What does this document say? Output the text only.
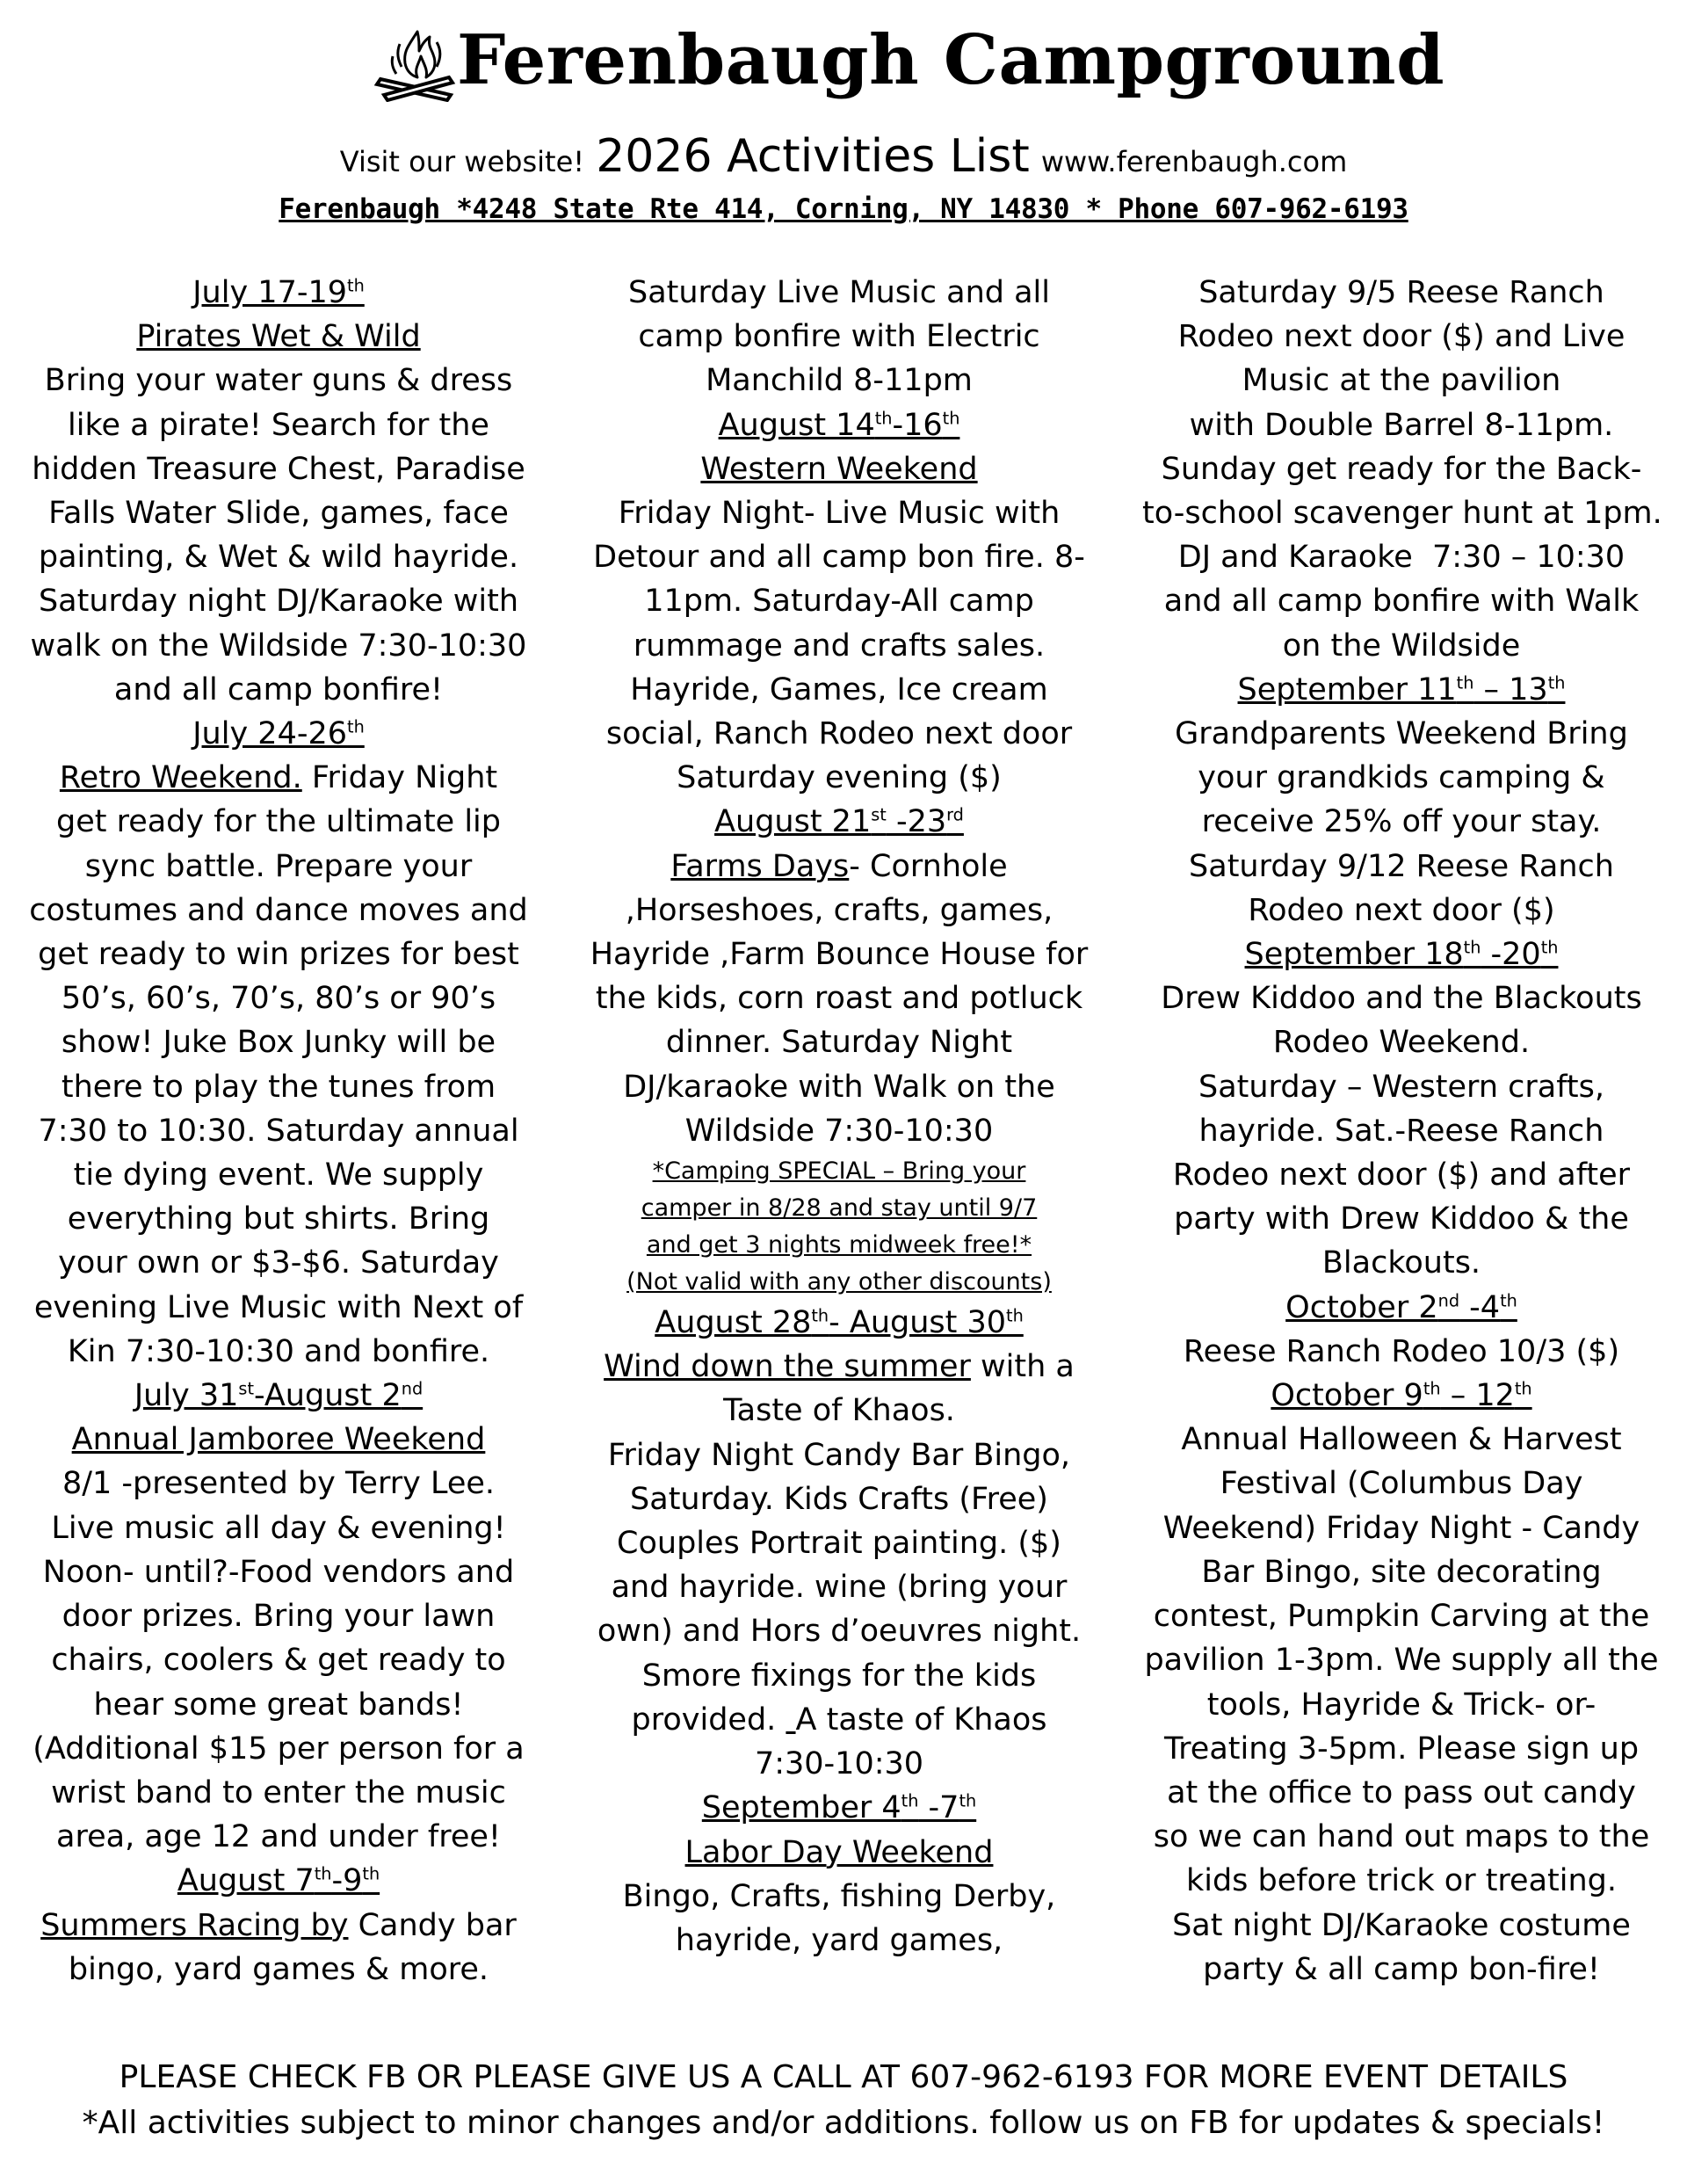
Ferenbaugh Campground
Visit our website! 2026 Activities List www.ferenbaugh.com
Ferenbaugh *4248 State Rte 414, Corning, NY 14830 * Phone 607-962-6193
July 17-19th
Pirates Wet & Wild
Bring your water guns & dress
like a pirate! Search for the
hidden Treasure Chest, Paradise
Falls Water Slide, games, face
painting, & Wet & wild hayride.
Saturday night DJ/Karaoke with
walk on the Wildside 7:30-10:30
and all camp bonfire!
July 24-26th
Retro Weekend. Friday Night
get ready for the ultimate lip
sync battle. Prepare your
costumes and dance moves and
get ready to win prizes for best
50’s, 60’s, 70’s, 80’s or 90’s
show! Juke Box Junky will be
there to play the tunes from
7:30 to 10:30. Saturday annual
tie dying event. We supply
everything but shirts. Bring
your own or $3-$6. Saturday
evening Live Music with Next of
Kin 7:30-10:30 and bonfire.
July 31st-August 2nd
Annual Jamboree Weekend
8/1 -presented by Terry Lee.
Live music all day & evening!
Noon- until?-Food vendors and
door prizes. Bring your lawn
chairs, coolers & get ready to
hear some great bands!
(Additional $15 per person for a
wrist band to enter the music
area, age 12 and under free!
August 7th-9th
Summers Racing by Candy bar
bingo, yard games & more.
Saturday Live Music and all
camp bonfire with Electric
Manchild 8-11pm
August 14th-16th
Western Weekend
Friday Night- Live Music with
Detour and all camp bon fire. 8-
11pm. Saturday-All camp
rummage and crafts sales.
Hayride, Games, Ice cream
social, Ranch Rodeo next door
Saturday evening ($)
August 21st -23rd
Farms Days- Cornhole
,Horseshoes, crafts, games,
Hayride ,Farm Bounce House for
the kids, corn roast and potluck
dinner. Saturday Night
DJ/karaoke with Walk on the
Wildside 7:30-10:30
*Camping SPECIAL – Bring your
camper in 8/28 and stay until 9/7
and get 3 nights midweek free!*
(Not valid with any other discounts)
August 28th- August 30th
Wind down the summer with a
Taste of Khaos.
Friday Night Candy Bar Bingo,
Saturday. Kids Crafts (Free)
Couples Portrait painting. ($)
and hayride. wine (bring your
own) and Hors d’oeuvres night.
Smore fixings for the kids
provided.  A taste of Khaos
7:30-10:30
September 4th -7th
Labor Day Weekend
Bingo, Crafts, fishing Derby,
hayride, yard games,
Saturday 9/5 Reese Ranch
Rodeo next door ($) and Live
Music at the pavilion
with Double Barrel 8-11pm.
Sunday get ready for the Back-
to-school scavenger hunt at 1pm.
DJ and Karaoke  7:30 – 10:30
and all camp bonfire with Walk
on the Wildside
September 11th – 13th
Grandparents Weekend Bring
your grandkids camping &
receive 25% off your stay.
Saturday 9/12 Reese Ranch
Rodeo next door ($)
September 18th -20th
Drew Kiddoo and the Blackouts
Rodeo Weekend.
Saturday – Western crafts,
hayride. Sat.-Reese Ranch
Rodeo next door ($) and after
party with Drew Kiddoo & the
Blackouts.
October 2nd -4th
Reese Ranch Rodeo 10/3 ($)
October 9th – 12th
Annual Halloween & Harvest
Festival (Columbus Day
Weekend) Friday Night - Candy
Bar Bingo, site decorating
contest, Pumpkin Carving at the
pavilion 1-3pm. We supply all the
tools, Hayride & Trick- or-
Treating 3-5pm. Please sign up
at the office to pass out candy
so we can hand out maps to the
kids before trick or treating.
Sat night DJ/Karaoke costume
party & all camp bon-fire!
PLEASE CHECK FB OR PLEASE GIVE US A CALL AT 607-962-6193 FOR MORE EVENT DETAILS
*All activities subject to minor changes and/or additions. follow us on FB for updates & specials!
